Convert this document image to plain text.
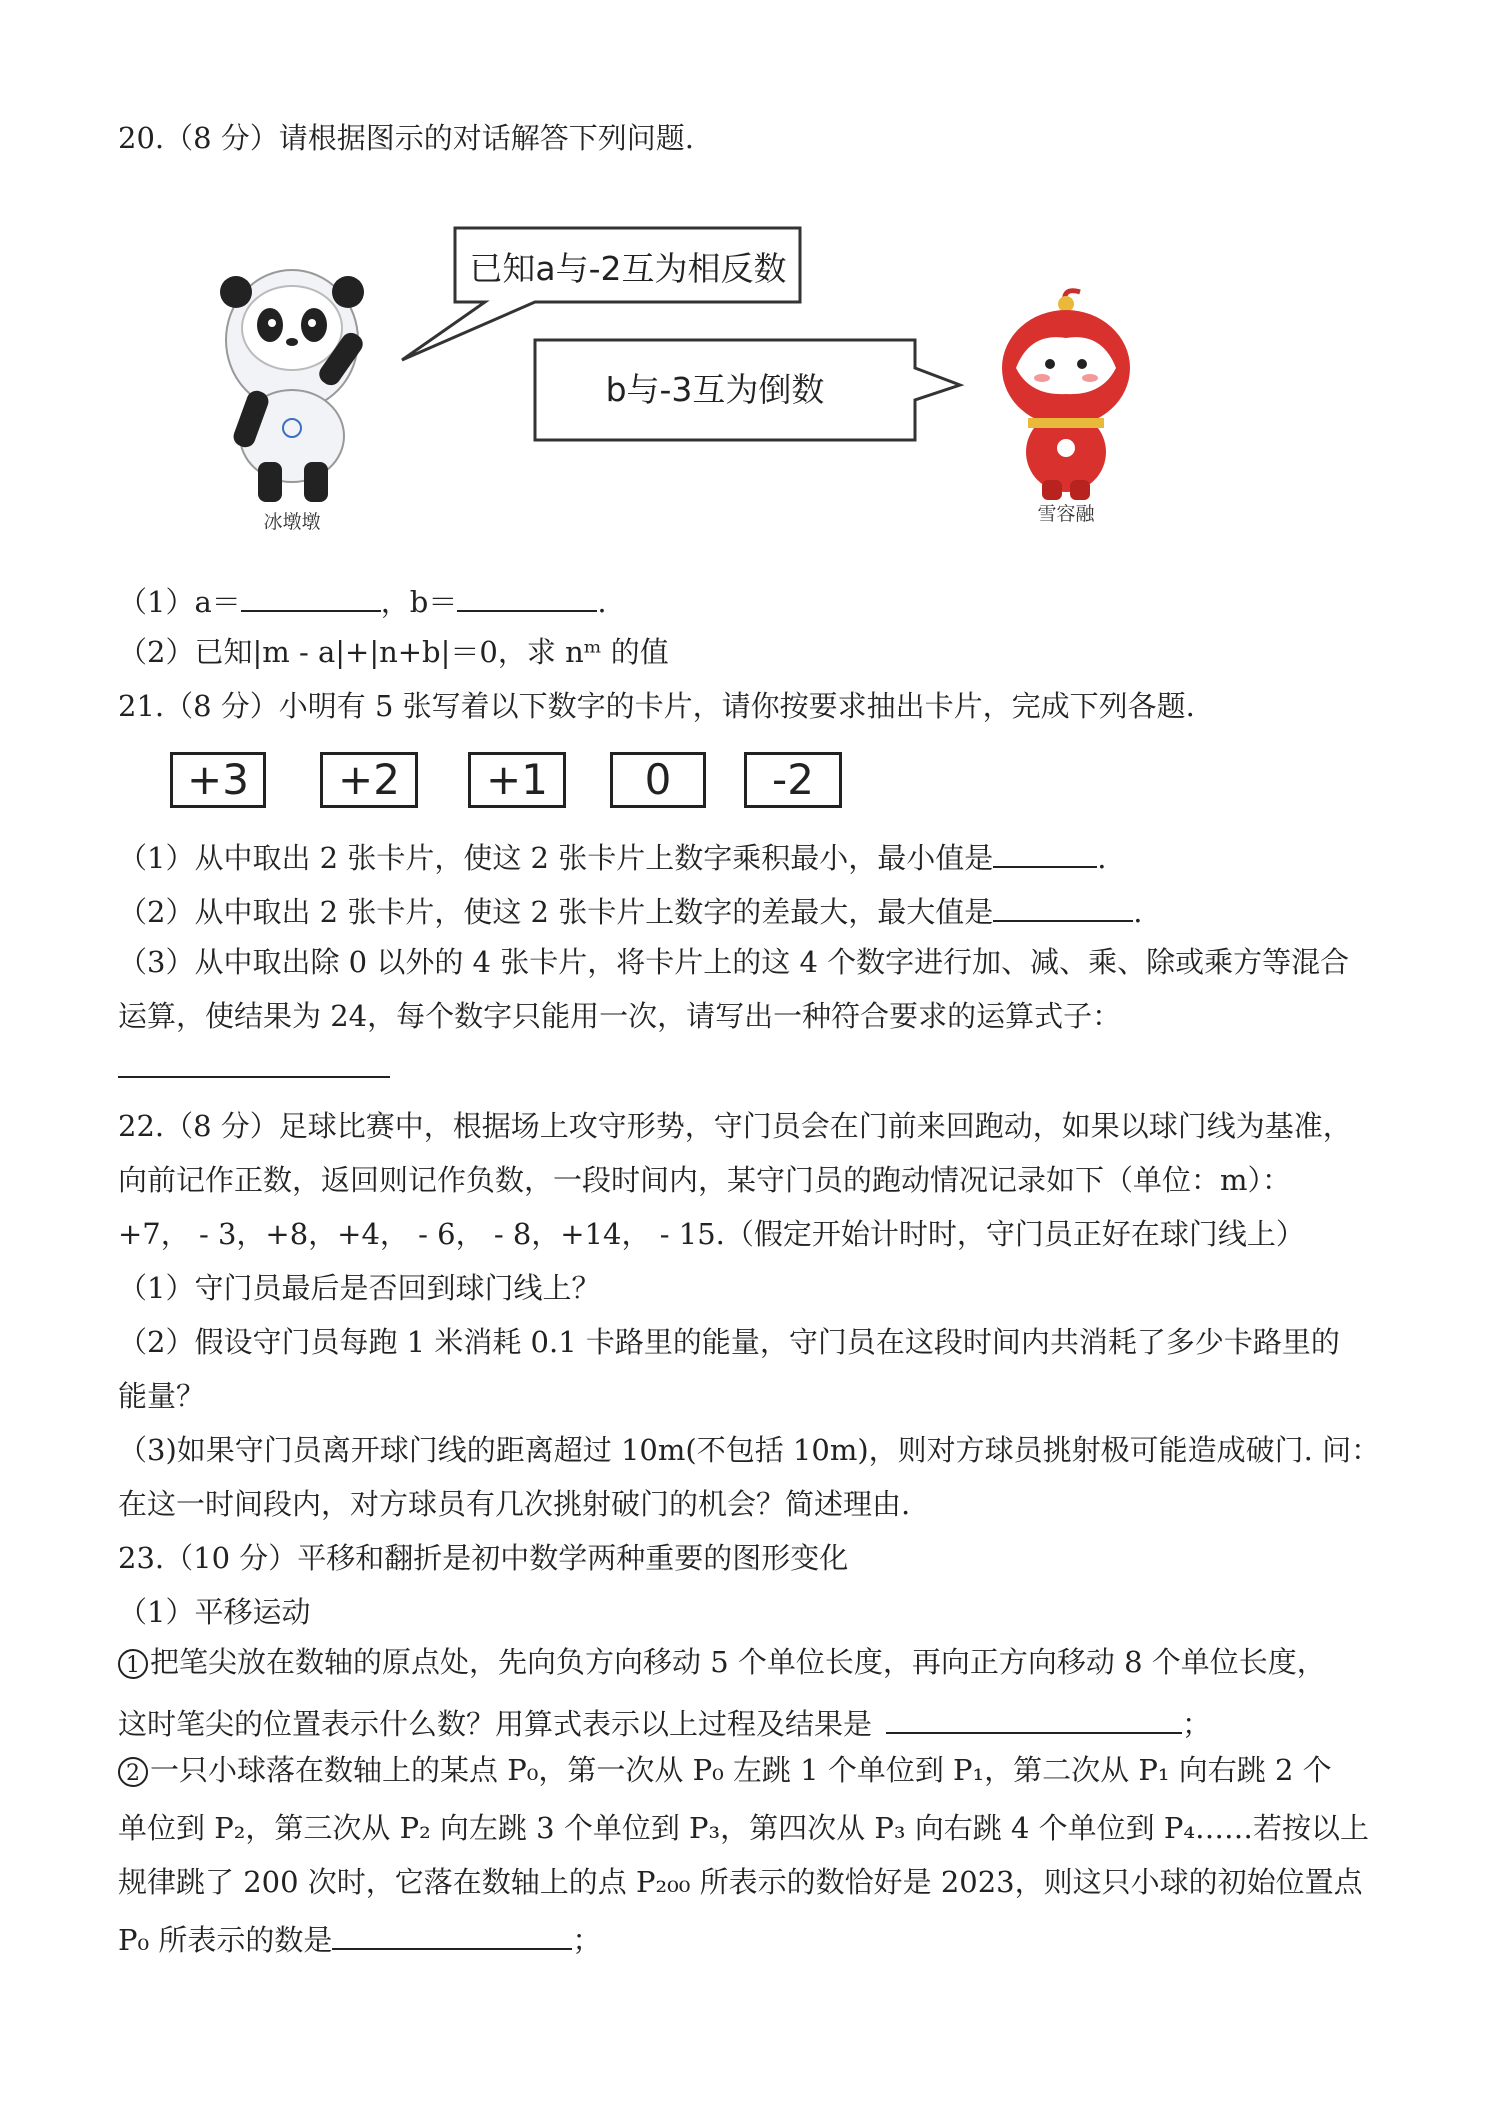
20.（8 分）请根据图示的对话解答下列问题.
已知a与-2互为相反数
b与-3互为倒数
冰墩墩	雪容融
（1）a＝	，b＝	.
（2）已知|m - a|+|n+b|＝0，求 nᵐ 的值
21.（8 分）小明有 5 张写着以下数字的卡片，请你按要求抽出卡片，完成下列各题.
+3	+2	+1	0	-2
（1）从中取出 2 张卡片，使这 2 张卡片上数字乘积最小，最小值是	.
（2）从中取出 2 张卡片，使这 2 张卡片上数字的差最大，最大值是	.
（3）从中取出除 0 以外的 4 张卡片，将卡片上的这 4 个数字进行加、减、乘、除或乘方等混合
运算，使结果为 24，每个数字只能用一次，请写出一种符合要求的运算式子：
22.（8 分）足球比赛中，根据场上攻守形势，守门员会在门前来回跑动，如果以球门线为基准，
向前记作正数，返回则记作负数，一段时间内，某守门员的跑动情况记录如下（单位：m）：
+7， - 3，+8，+4， - 6， - 8，+14， - 15.（假定开始计时时，守门员正好在球门线上）
（1）守门员最后是否回到球门线上？
（2）假设守门员每跑 1 米消耗 0.1 卡路里的能量，守门员在这段时间内共消耗了多少卡路里的
能量？
（3)如果守门员离开球门线的距离超过 10m(不包括 10m)，则对方球员挑射极可能造成破门. 问：
在这一时间段内，对方球员有几次挑射破门的机会？简述理由.
23.（10 分）平移和翻折是初中数学两种重要的图形变化
（1）平移运动
1 把笔尖放在数轴的原点处，先向负方向移动 5 个单位长度，再向正方向移动 8 个单位长度，
这时笔尖的位置表示什么数？用算式表示以上过程及结果是	；
2 一只小球落在数轴上的某点 P₀，第一次从 P₀ 左跳 1 个单位到 P₁，第二次从 P₁ 向右跳 2 个
单位到 P₂，第三次从 P₂ 向左跳 3 个单位到 P₃，第四次从 P₃ 向右跳 4 个单位到 P₄……若按以上
规律跳了 200 次时，它落在数轴上的点 P₂₀₀ 所表示的数恰好是 2023，则这只小球的初始位置点
P₀ 所表示的数是	；
